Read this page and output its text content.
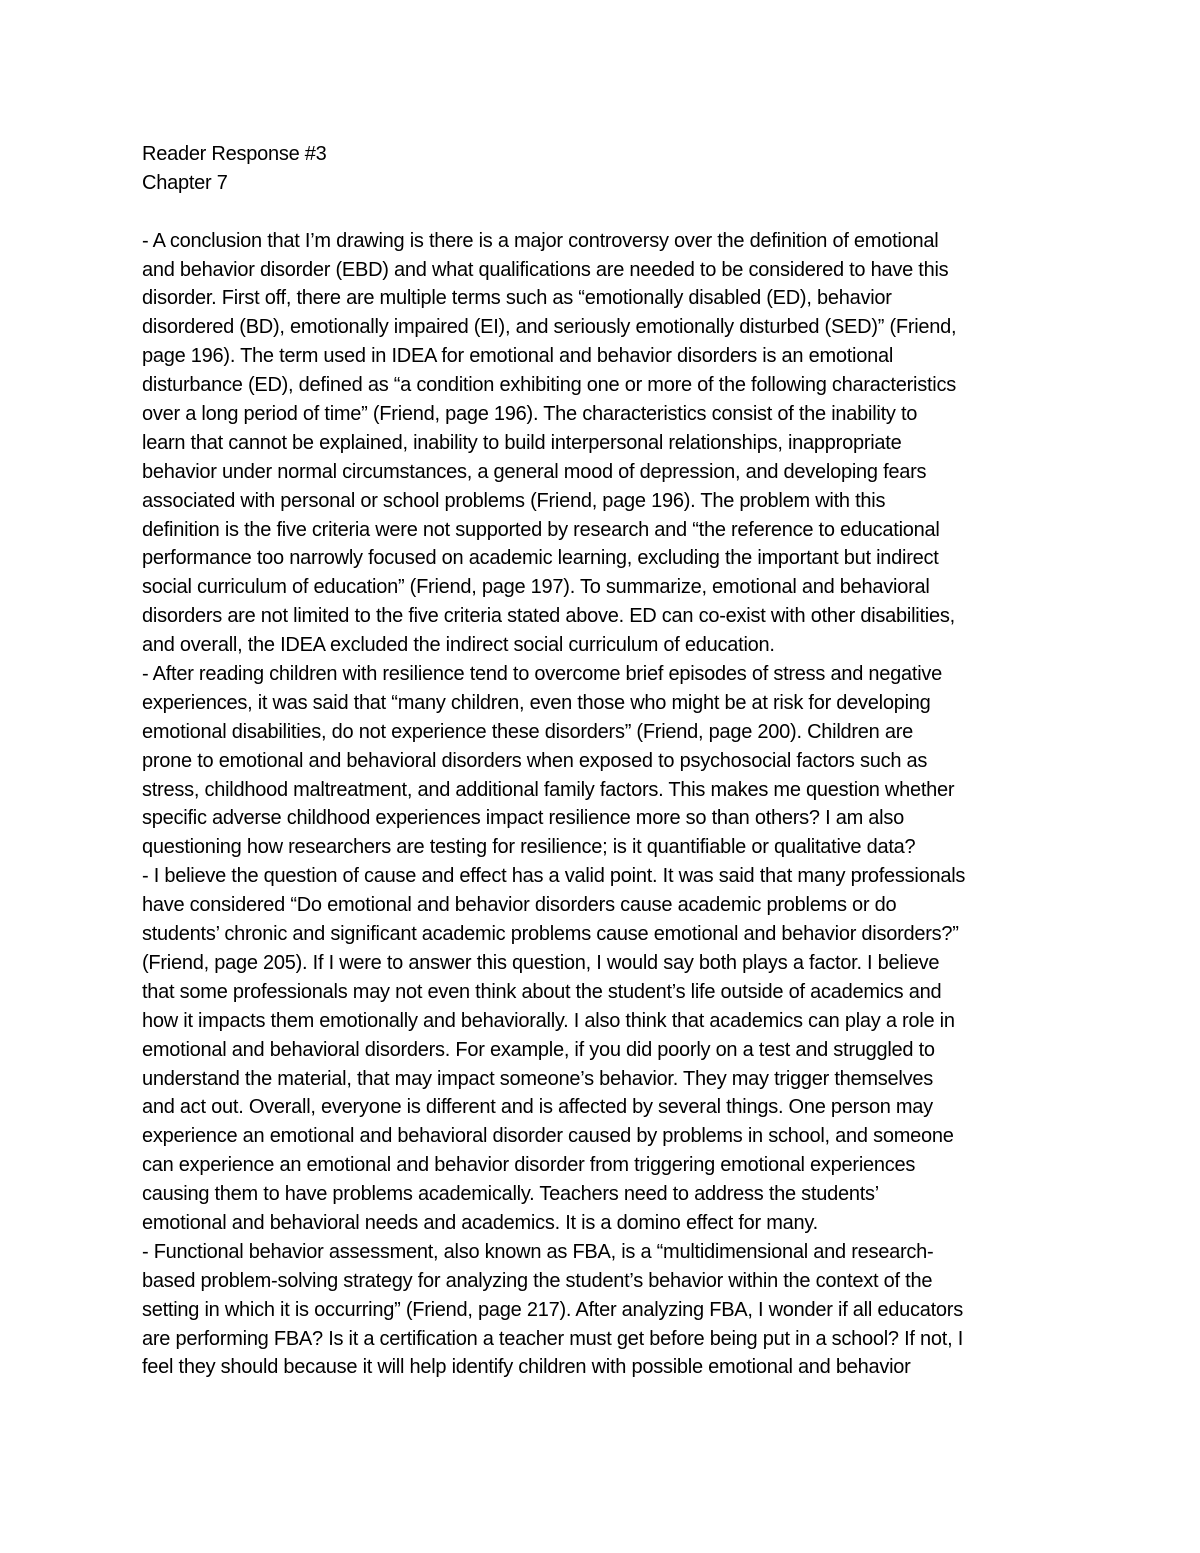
Reader Response #3
Chapter 7
- A conclusion that I’m drawing is there is a major controversy over the definition of emotional
and behavior disorder (EBD) and what qualifications are needed to be considered to have this
disorder. First off, there are multiple terms such as “emotionally disabled (ED), behavior
disordered (BD), emotionally impaired (EI), and seriously emotionally disturbed (SED)” (Friend,
page 196). The term used in IDEA for emotional and behavior disorders is an emotional
disturbance (ED), defined as “a condition exhibiting one or more of the following characteristics
over a long period of time” (Friend, page 196). The characteristics consist of the inability to
learn that cannot be explained, inability to build interpersonal relationships, inappropriate
behavior under normal circumstances, a general mood of depression, and developing fears
associated with personal or school problems (Friend, page 196). The problem with this
definition is the five criteria were not supported by research and “the reference to educational
performance too narrowly focused on academic learning, excluding the important but indirect
social curriculum of education” (Friend, page 197). To summarize, emotional and behavioral
disorders are not limited to the five criteria stated above. ED can co-exist with other disabilities,
and overall, the IDEA excluded the indirect social curriculum of education.
- After reading children with resilience tend to overcome brief episodes of stress and negative
experiences, it was said that “many children, even those who might be at risk for developing
emotional disabilities, do not experience these disorders” (Friend, page 200). Children are
prone to emotional and behavioral disorders when exposed to psychosocial factors such as
stress, childhood maltreatment, and additional family factors. This makes me question whether
specific adverse childhood experiences impact resilience more so than others? I am also
questioning how researchers are testing for resilience; is it quantifiable or qualitative data?
- I believe the question of cause and effect has a valid point. It was said that many professionals
have considered “Do emotional and behavior disorders cause academic problems or do
students’ chronic and significant academic problems cause emotional and behavior disorders?”
(Friend, page 205). If I were to answer this question, I would say both plays a factor. I believe
that some professionals may not even think about the student’s life outside of academics and
how it impacts them emotionally and behaviorally. I also think that academics can play a role in
emotional and behavioral disorders. For example, if you did poorly on a test and struggled to
understand the material, that may impact someone’s behavior. They may trigger themselves
and act out. Overall, everyone is different and is affected by several things. One person may
experience an emotional and behavioral disorder caused by problems in school, and someone
can experience an emotional and behavior disorder from triggering emotional experiences
causing them to have problems academically. Teachers need to address the students’
emotional and behavioral needs and academics. It is a domino effect for many.
- Functional behavior assessment, also known as FBA, is a “multidimensional and research-
based problem-solving strategy for analyzing the student’s behavior within the context of the
setting in which it is occurring” (Friend, page 217). After analyzing FBA, I wonder if all educators
are performing FBA? Is it a certification a teacher must get before being put in a school? If not, I
feel they should because it will help identify children with possible emotional and behavior
